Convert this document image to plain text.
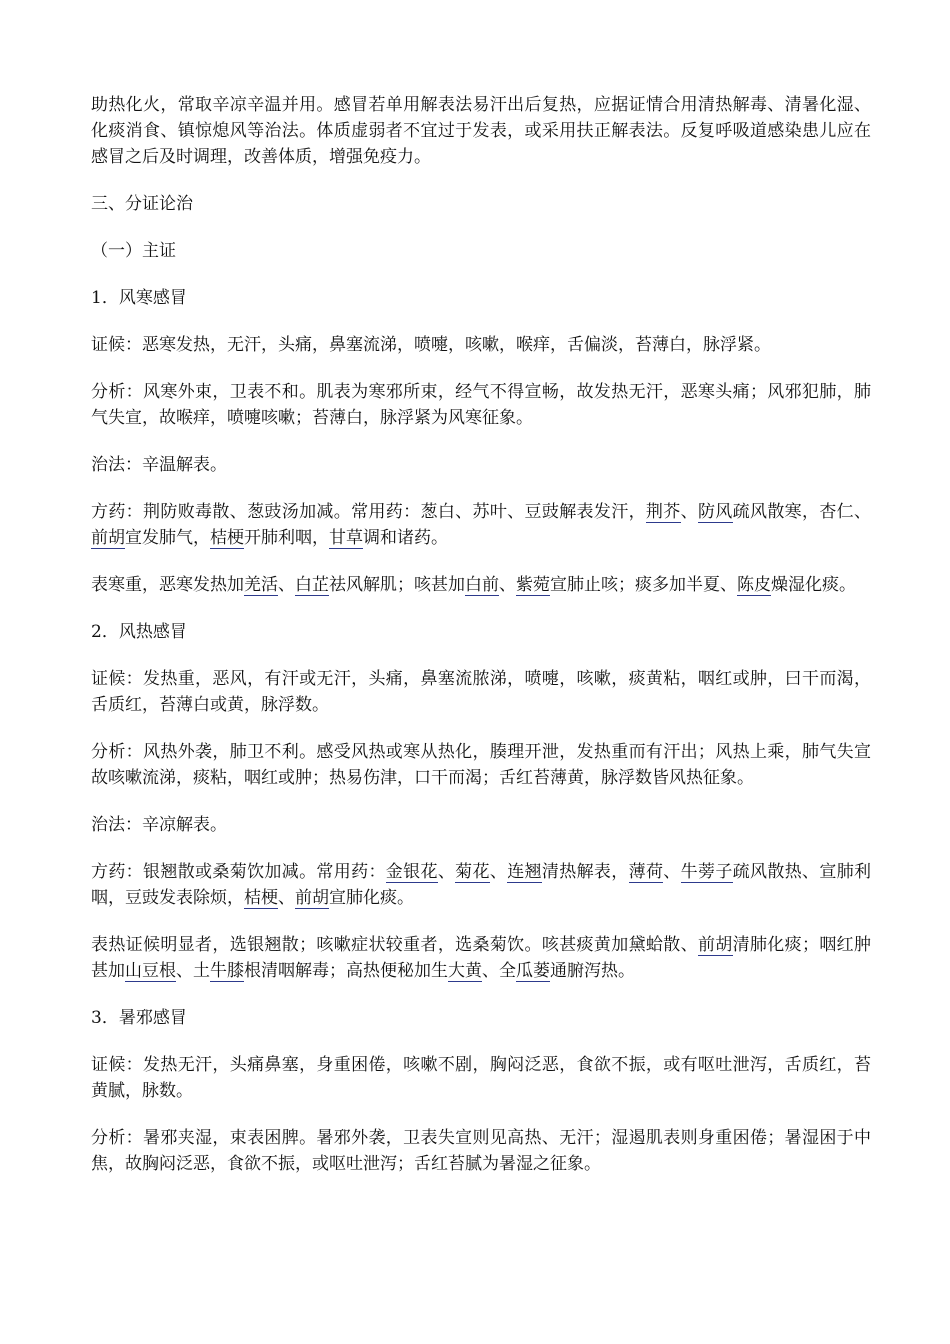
助热化火，常取辛凉辛温并用。感冒若单用解表法易汗出后复热，应据证情合用清热解毒、清暑化湿、化痰消食、镇惊熄风等治法。体质虚弱者不宜过于发表，或采用扶正解表法。反复呼吸道感染患儿应在感冒之后及时调理，改善体质，增强免疫力。

三、分证论治

（一）主证

1．风寒感冒

证候：恶寒发热，无汗，头痛，鼻塞流涕，喷嚏，咳嗽，喉痒，舌偏淡，苔薄白，脉浮紧。

分析：风寒外束，卫表不和。肌表为寒邪所束，经气不得宣畅，故发热无汗，恶寒头痛；风邪犯肺，肺气失宣，故喉痒，喷嚏咳嗽；苔薄白，脉浮紧为风寒征象。

治法：辛温解表。

方药：荆防败毒散、葱豉汤加减。常用药：葱白、苏叶、豆豉解表发汗，荆芥、防风疏风散寒，杏仁、前胡宣发肺气，桔梗开肺利咽，甘草调和诸药。

表寒重，恶寒发热加羌活、白芷祛风解肌；咳甚加白前、紫菀宣肺止咳；痰多加半夏、陈皮燥湿化痰。

2．风热感冒

证候：发热重，恶风，有汗或无汗，头痛，鼻塞流脓涕，喷嚏，咳嗽，痰黄粘，咽红或肿，曰干而渴，舌质红，苔薄白或黄，脉浮数。

分析：风热外袭，肺卫不利。感受风热或寒从热化，腠理开泄，发热重而有汗出；风热上乘，肺气失宣故咳嗽流涕，痰粘，咽红或肿；热易伤津，口干而渴；舌红苔薄黄，脉浮数皆风热征象。

治法：辛凉解表。

方药：银翘散或桑菊饮加减。常用药：金银花、菊花、连翘清热解表，薄荷、牛蒡子疏风散热、宣肺利咽，豆豉发表除烦，桔梗、前胡宣肺化痰。

表热证候明显者，选银翘散；咳嗽症状较重者，选桑菊饮。咳甚痰黄加黛蛤散、前胡清肺化痰；咽红肿甚加山豆根、土牛膝根清咽解毒；高热便秘加生大黄、全瓜蒌通腑泻热。

3．暑邪感冒

证候：发热无汗，头痛鼻塞，身重困倦，咳嗽不剧，胸闷泛恶，食欲不振，或有呕吐泄泻，舌质红，苔黄腻，脉数。

分析：暑邪夹湿，束表困脾。暑邪外袭，卫表失宣则见高热、无汗；湿遏肌表则身重困倦；暑湿困于中焦，故胸闷泛恶，食欲不振，或呕吐泄泻；舌红苔腻为暑湿之征象。
